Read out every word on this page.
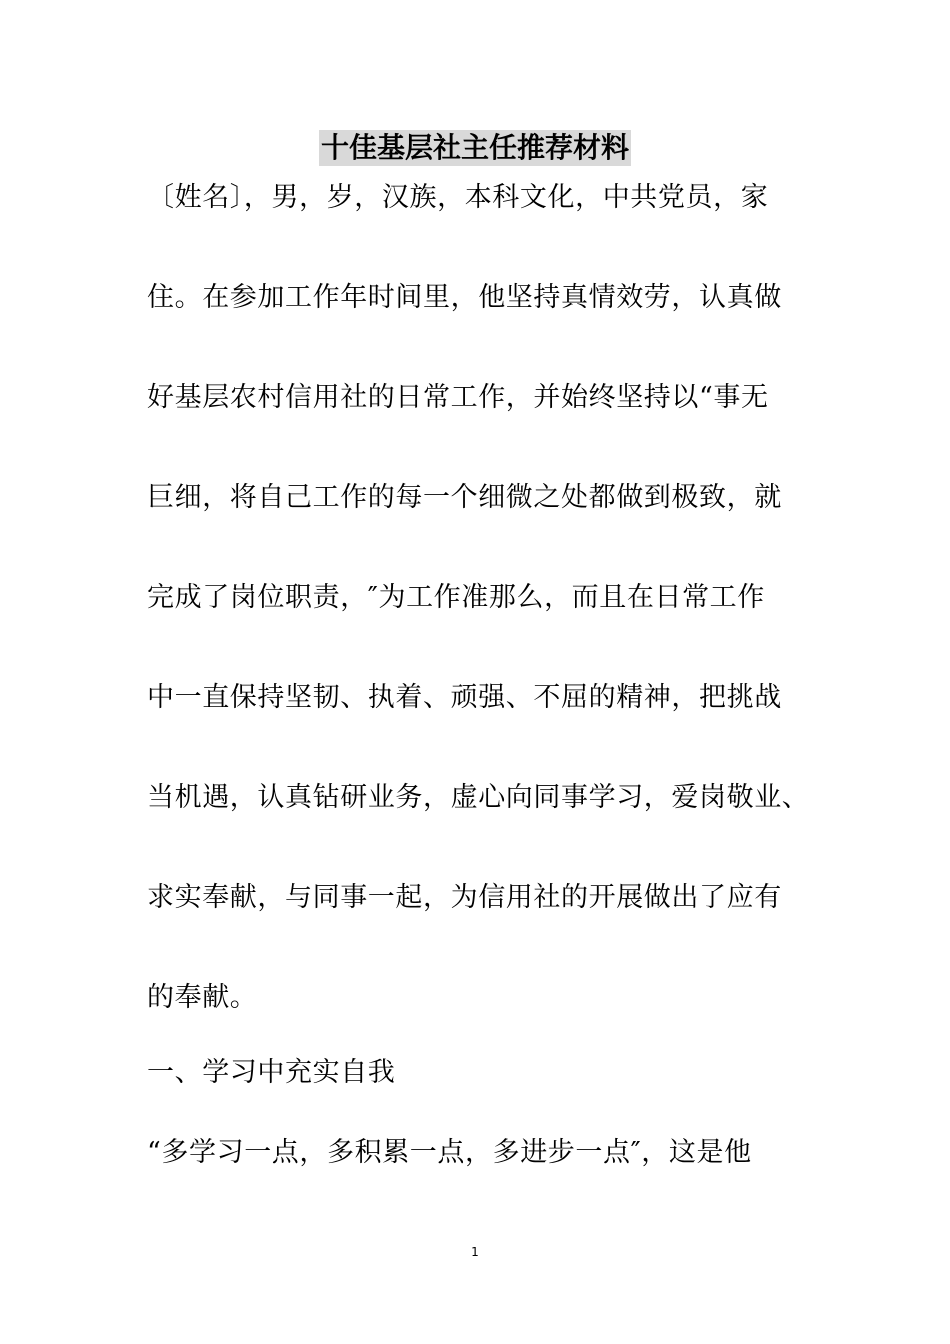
十佳基层社主任推荐材料
〔姓名〕，男，岁，汉族，本科文化，中共党员，家
住。在参加工作年时间里，他坚持真情效劳，认真做
好基层农村信用社的日常工作，并始终坚持以“事无
巨细，将自己工作的每一个细微之处都做到极致，就
完成了岗位职责，″为工作准那么，而且在日常工作
中一直保持坚韧、执着、顽强、不屈的精神，把挑战
当机遇，认真钻研业务，虚心向同事学习，爱岗敬业、
求实奉献，与同事一起，为信用社的开展做出了应有
的奉献。
一、学习中充实自我
“多学习一点，多积累一点，多进步一点″，这是他
1
